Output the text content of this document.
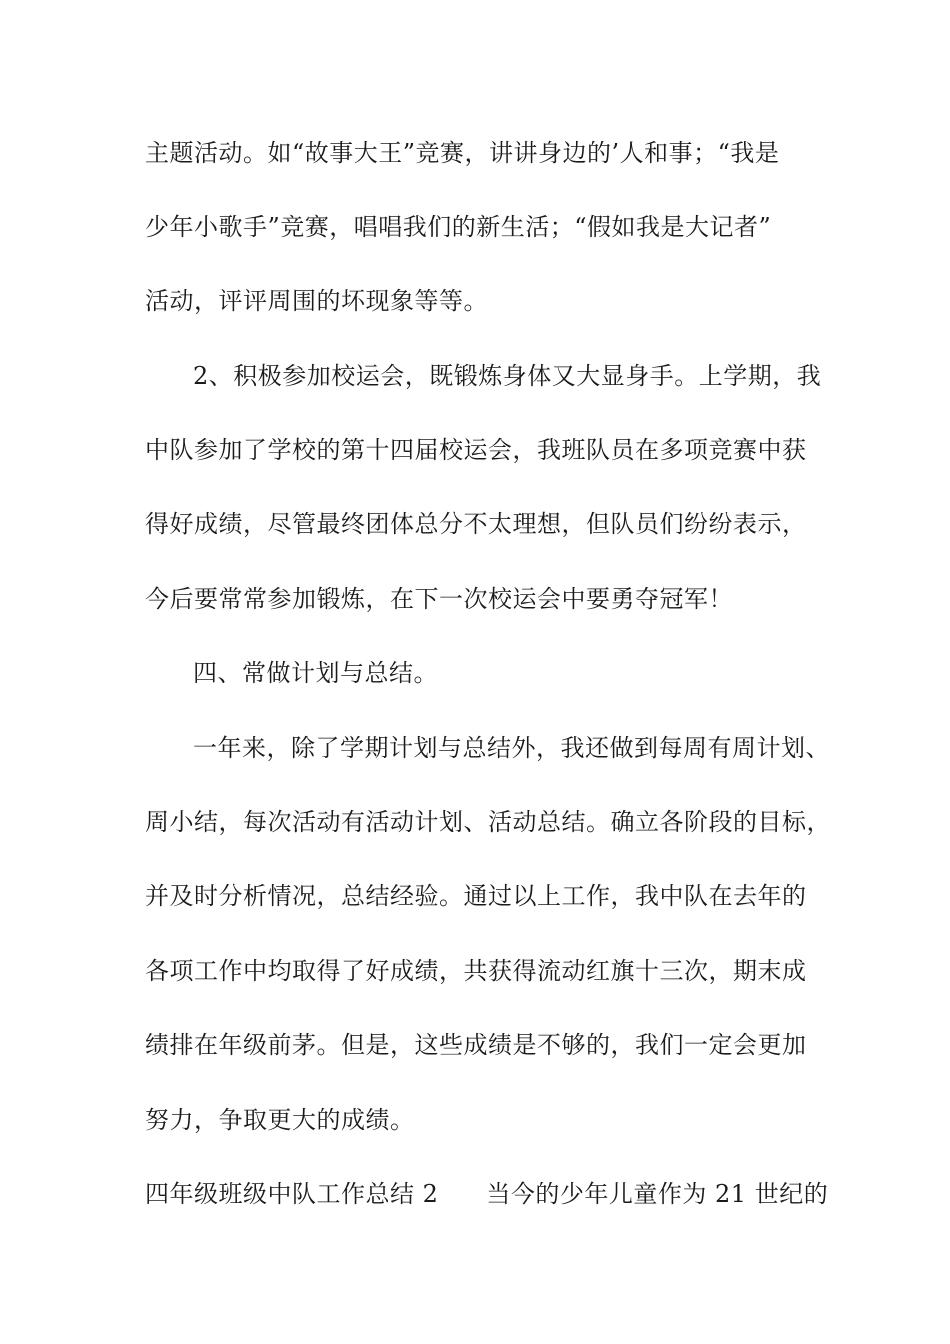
主题活动。如“故事大王”竞赛，讲讲身边的’人和事；“我是
少年小歌手”竞赛，唱唱我们的新生活；“假如我是大记者”
活动，评评周围的坏现象等等。
2、积极参加校运会，既锻炼身体又大显身手。上学期，我
中队参加了学校的第十四届校运会，我班队员在多项竞赛中获
得好成绩，尽管最终团体总分不太理想，但队员们纷纷表示，
今后要常常参加锻炼，在下一次校运会中要勇夺冠军！
四、常做计划与总结。
一年来，除了学期计划与总结外，我还做到每周有周计划、
周小结，每次活动有活动计划、活动总结。确立各阶段的目标，
并及时分析情况，总结经验。通过以上工作，我中队在去年的
各项工作中均取得了好成绩，共获得流动红旗十三次，期末成
绩排在年级前茅。但是，这些成绩是不够的，我们一定会更加
努力，争取更大的成绩。
四年级班级中队工作总结 2 当今的少年儿童作为 21 世纪的
